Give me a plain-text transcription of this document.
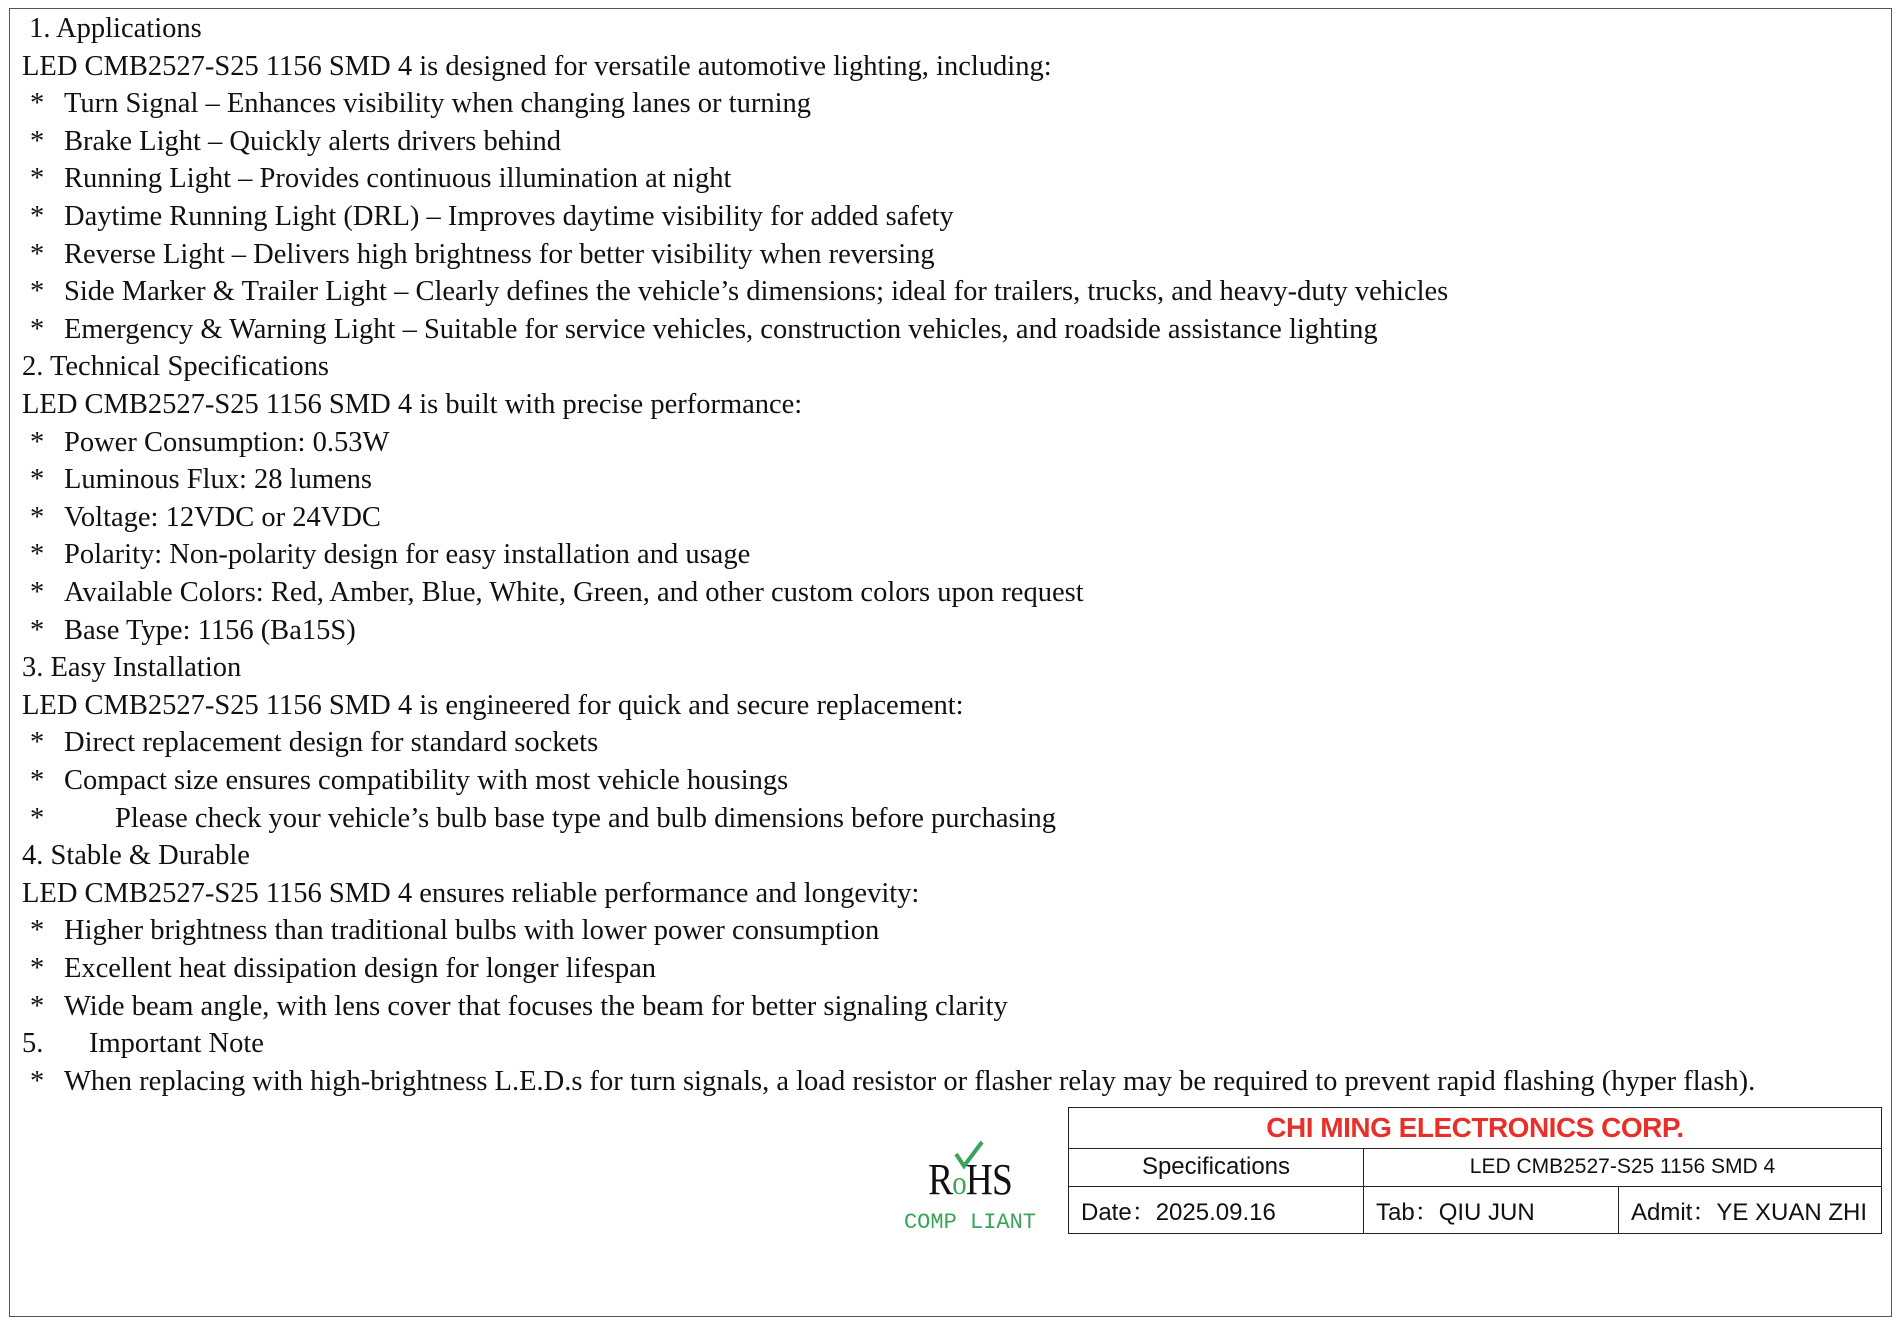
1. Applications
LED CMB2527-S25 1156 SMD 4 is designed for versatile automotive lighting, including:
* Turn Signal – Enhances visibility when changing lanes or turning
* Brake Light – Quickly alerts drivers behind
* Running Light – Provides continuous illumination at night
* Daytime Running Light (DRL) – Improves daytime visibility for added safety
* Reverse Light – Delivers high brightness for better visibility when reversing
* Side Marker & Trailer Light – Clearly defines the vehicle’s dimensions; ideal for trailers, trucks, and heavy-duty vehicles
* Emergency & Warning Light – Suitable for service vehicles, construction vehicles, and roadside assistance lighting
2. Technical Specifications
LED CMB2527-S25 1156 SMD 4 is built with precise performance:
* Power Consumption: 0.53W
* Luminous Flux: 28 lumens
* Voltage: 12VDC or 24VDC
* Polarity: Non-polarity design for easy installation and usage
* Available Colors: Red, Amber, Blue, White, Green, and other custom colors upon request
* Base Type: 1156 (Ba15S)
3. Easy Installation
LED CMB2527-S25 1156 SMD 4 is engineered for quick and secure replacement:
* Direct replacement design for standard sockets
* Compact size ensures compatibility with most vehicle housings
* Please check your vehicle’s bulb base type and bulb dimensions before purchasing
4. Stable & Durable
LED CMB2527-S25 1156 SMD 4 ensures reliable performance and longevity:
* Higher brightness than traditional bulbs with lower power consumption
* Excellent heat dissipation design for longer lifespan
* Wide beam angle, with lens cover that focuses the beam for better signaling clarity
5. Important Note
* When replacing with high-brightness L.E.D.s for turn signals, a load resistor or flasher relay may be required to prevent rapid flashing (hyper flash).
RoHS
COMP LIANT
CHI MING ELECTRONICS CORP.		
Specifications	LED CMB2527-S25 1156 SMD 4	
Date：2025.09.16	Tab：QIU JUN	Admit：YE XUAN ZHI
